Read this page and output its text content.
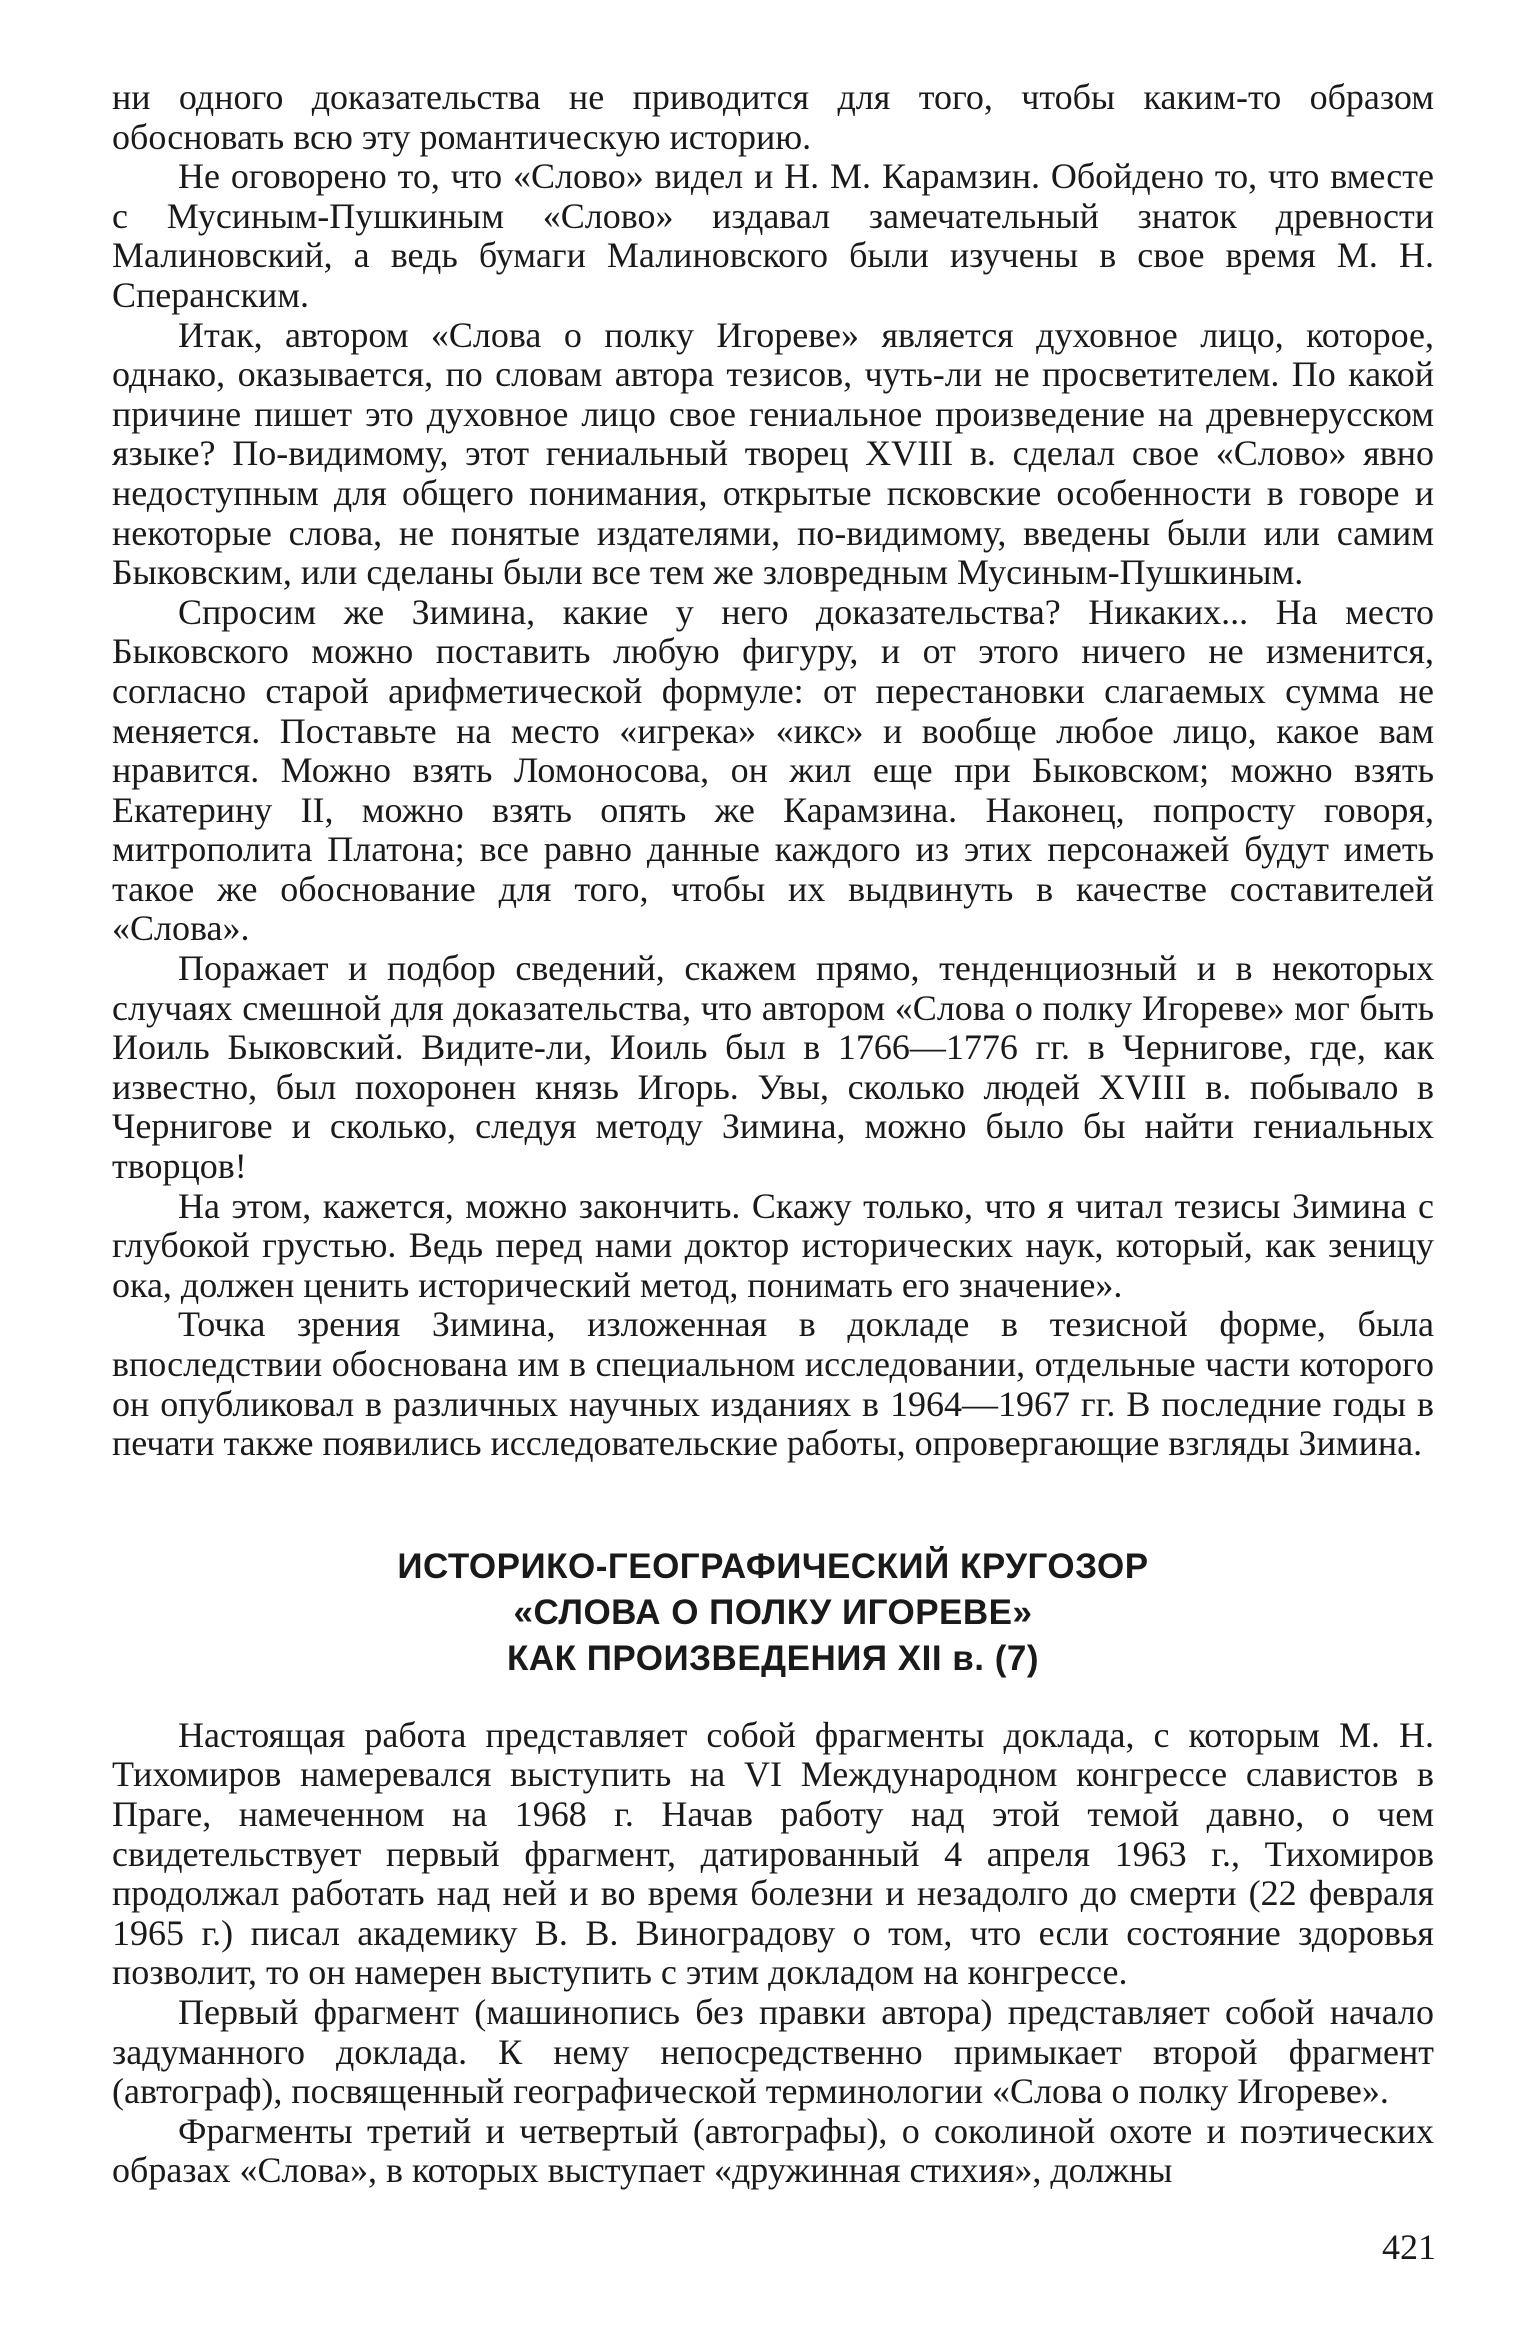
ни одного доказательства не приводится для того, чтобы каким-то образом обосновать всю эту романтическую историю.

Не оговорено то, что «Слово» видел и Н. М. Карамзин. Обойдено то, что вместе с Мусиным-Пушкиным «Слово» издавал замечательный знаток древности Малиновский, а ведь бумаги Малиновского были изучены в свое время М. Н. Сперанским.

Итак, автором «Слова о полку Игореве» является духовное лицо, которое, однако, оказывается, по словам автора тезисов, чуть-ли не просветителем. По какой причине пишет это духовное лицо свое гениальное произведение на древнерусском языке? По-видимому, этот гениальный творец XVIII в. сделал свое «Слово» явно недоступным для общего понимания, открытые псковские особенности в говоре и некоторые слова, не понятые издателями, по-видимому, введены были или самим Быковским, или сделаны были все тем же зловредным Мусиным-Пушкиным.

Спросим же Зимина, какие у него доказательства? Никаких... На место Быковского можно поставить любую фигуру, и от этого ничего не изменится, согласно старой арифметической формуле: от перестановки слагаемых сумма не меняется. Поставьте на место «игрека» «икс» и вообще любое лицо, какое вам нравится. Можно взять Ломоносова, он жил еще при Быковском; можно взять Екатерину II, можно взять опять же Карамзина. Наконец, попросту говоря, митрополита Платона; все равно данные каждого из этих персонажей будут иметь такое же обоснование для того, чтобы их выдвинуть в качестве составителей «Слова».

Поражает и подбор сведений, скажем прямо, тенденциозный и в некоторых случаях смешной для доказательства, что автором «Слова о полку Игореве» мог быть Иоиль Быковский. Видите-ли, Иоиль был в 1766—1776 гг. в Чернигове, где, как известно, был похоронен князь Игорь. Увы, сколько людей XVIII в. побывало в Чернигове и сколько, следуя методу Зимина, можно было бы найти гениальных творцов!

На этом, кажется, можно закончить. Скажу только, что я читал тезисы Зимина с глубокой грустью. Ведь перед нами доктор исторических наук, который, как зеницу ока, должен ценить исторический метод, понимать его значение».

Точка зрения Зимина, изложенная в докладе в тезисной форме, была впоследствии обоснована им в специальном исследовании, отдельные части которого он опубликовал в различных научных изданиях в 1964—1967 гг. В последние годы в печати также появились исследовательские работы, опровергающие взгляды Зимина.

ИСТОРИКО-ГЕОГРАФИЧЕСКИЙ КРУГОЗОР
«СЛОВА О ПОЛКУ ИГОРЕВЕ»
КАК ПРОИЗВЕДЕНИЯ XII в. (7)

Настоящая работа представляет собой фрагменты доклада, с которым М. Н. Тихомиров намеревался выступить на VI Международном конгрессе славистов в Праге, намеченном на 1968 г. Начав работу над этой темой давно, о чем свидетельствует первый фрагмент, датированный 4 апреля 1963 г., Тихомиров продолжал работать над ней и во время болезни и незадолго до смерти (22 февраля 1965 г.) писал академику В. В. Виноградову о том, что если состояние здоровья позволит, то он намерен выступить с этим докладом на конгрессе.

Первый фрагмент (машинопись без правки автора) представляет собой начало задуманного доклада. К нему непосредственно примыкает второй фрагмент (автограф), посвященный географической терминологии «Слова о полку Игореве».

Фрагменты третий и четвертый (автографы), о соколиной охоте и поэтических образах «Слова», в которых выступает «дружинная стихия», должны

421
